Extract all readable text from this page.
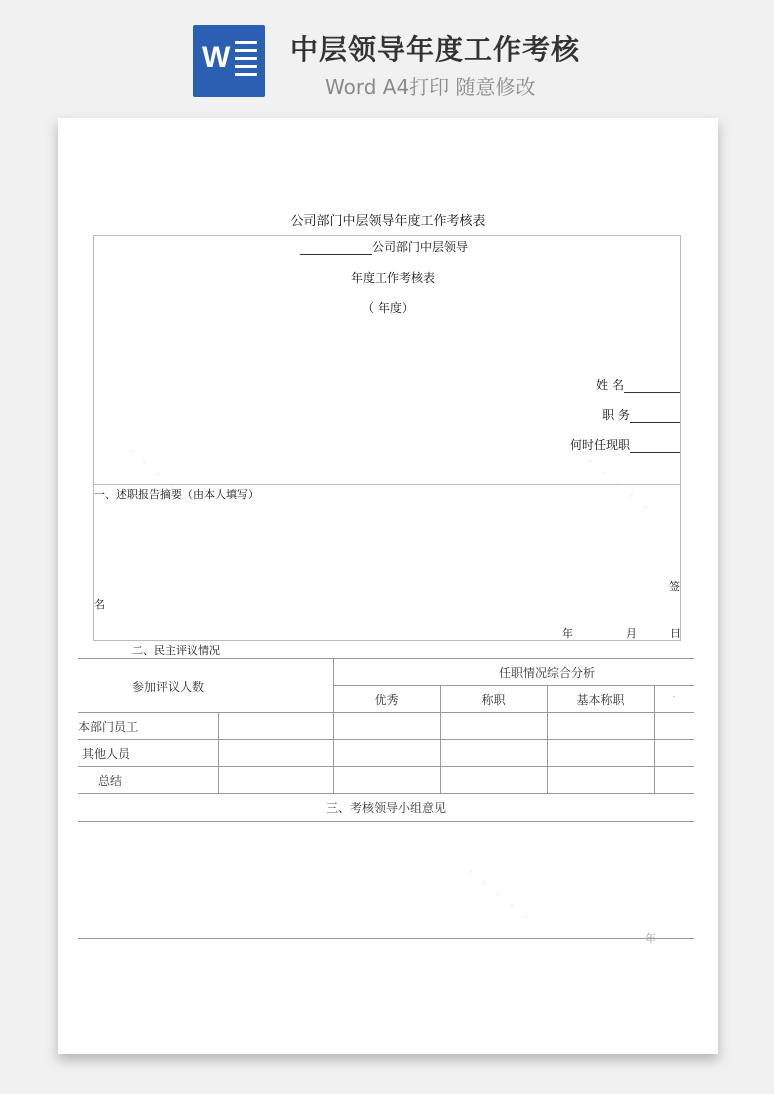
W 中层领导年度工作考核
Word A4打印 随意修改
公司部门中层领导年度工作考核表
公司部门中层领导
年度工作考核表
（ 年度）
姓 名
职 务
何时任现职
一、述职报告摘要（由本人填写）
签
名
年	月	日
二、民主评议情况
参加评议人数
任职情况综合分析
优秀	称职	基本称职	·
本部门员工
其他人员
总结
三、考核领导小组意见
年
